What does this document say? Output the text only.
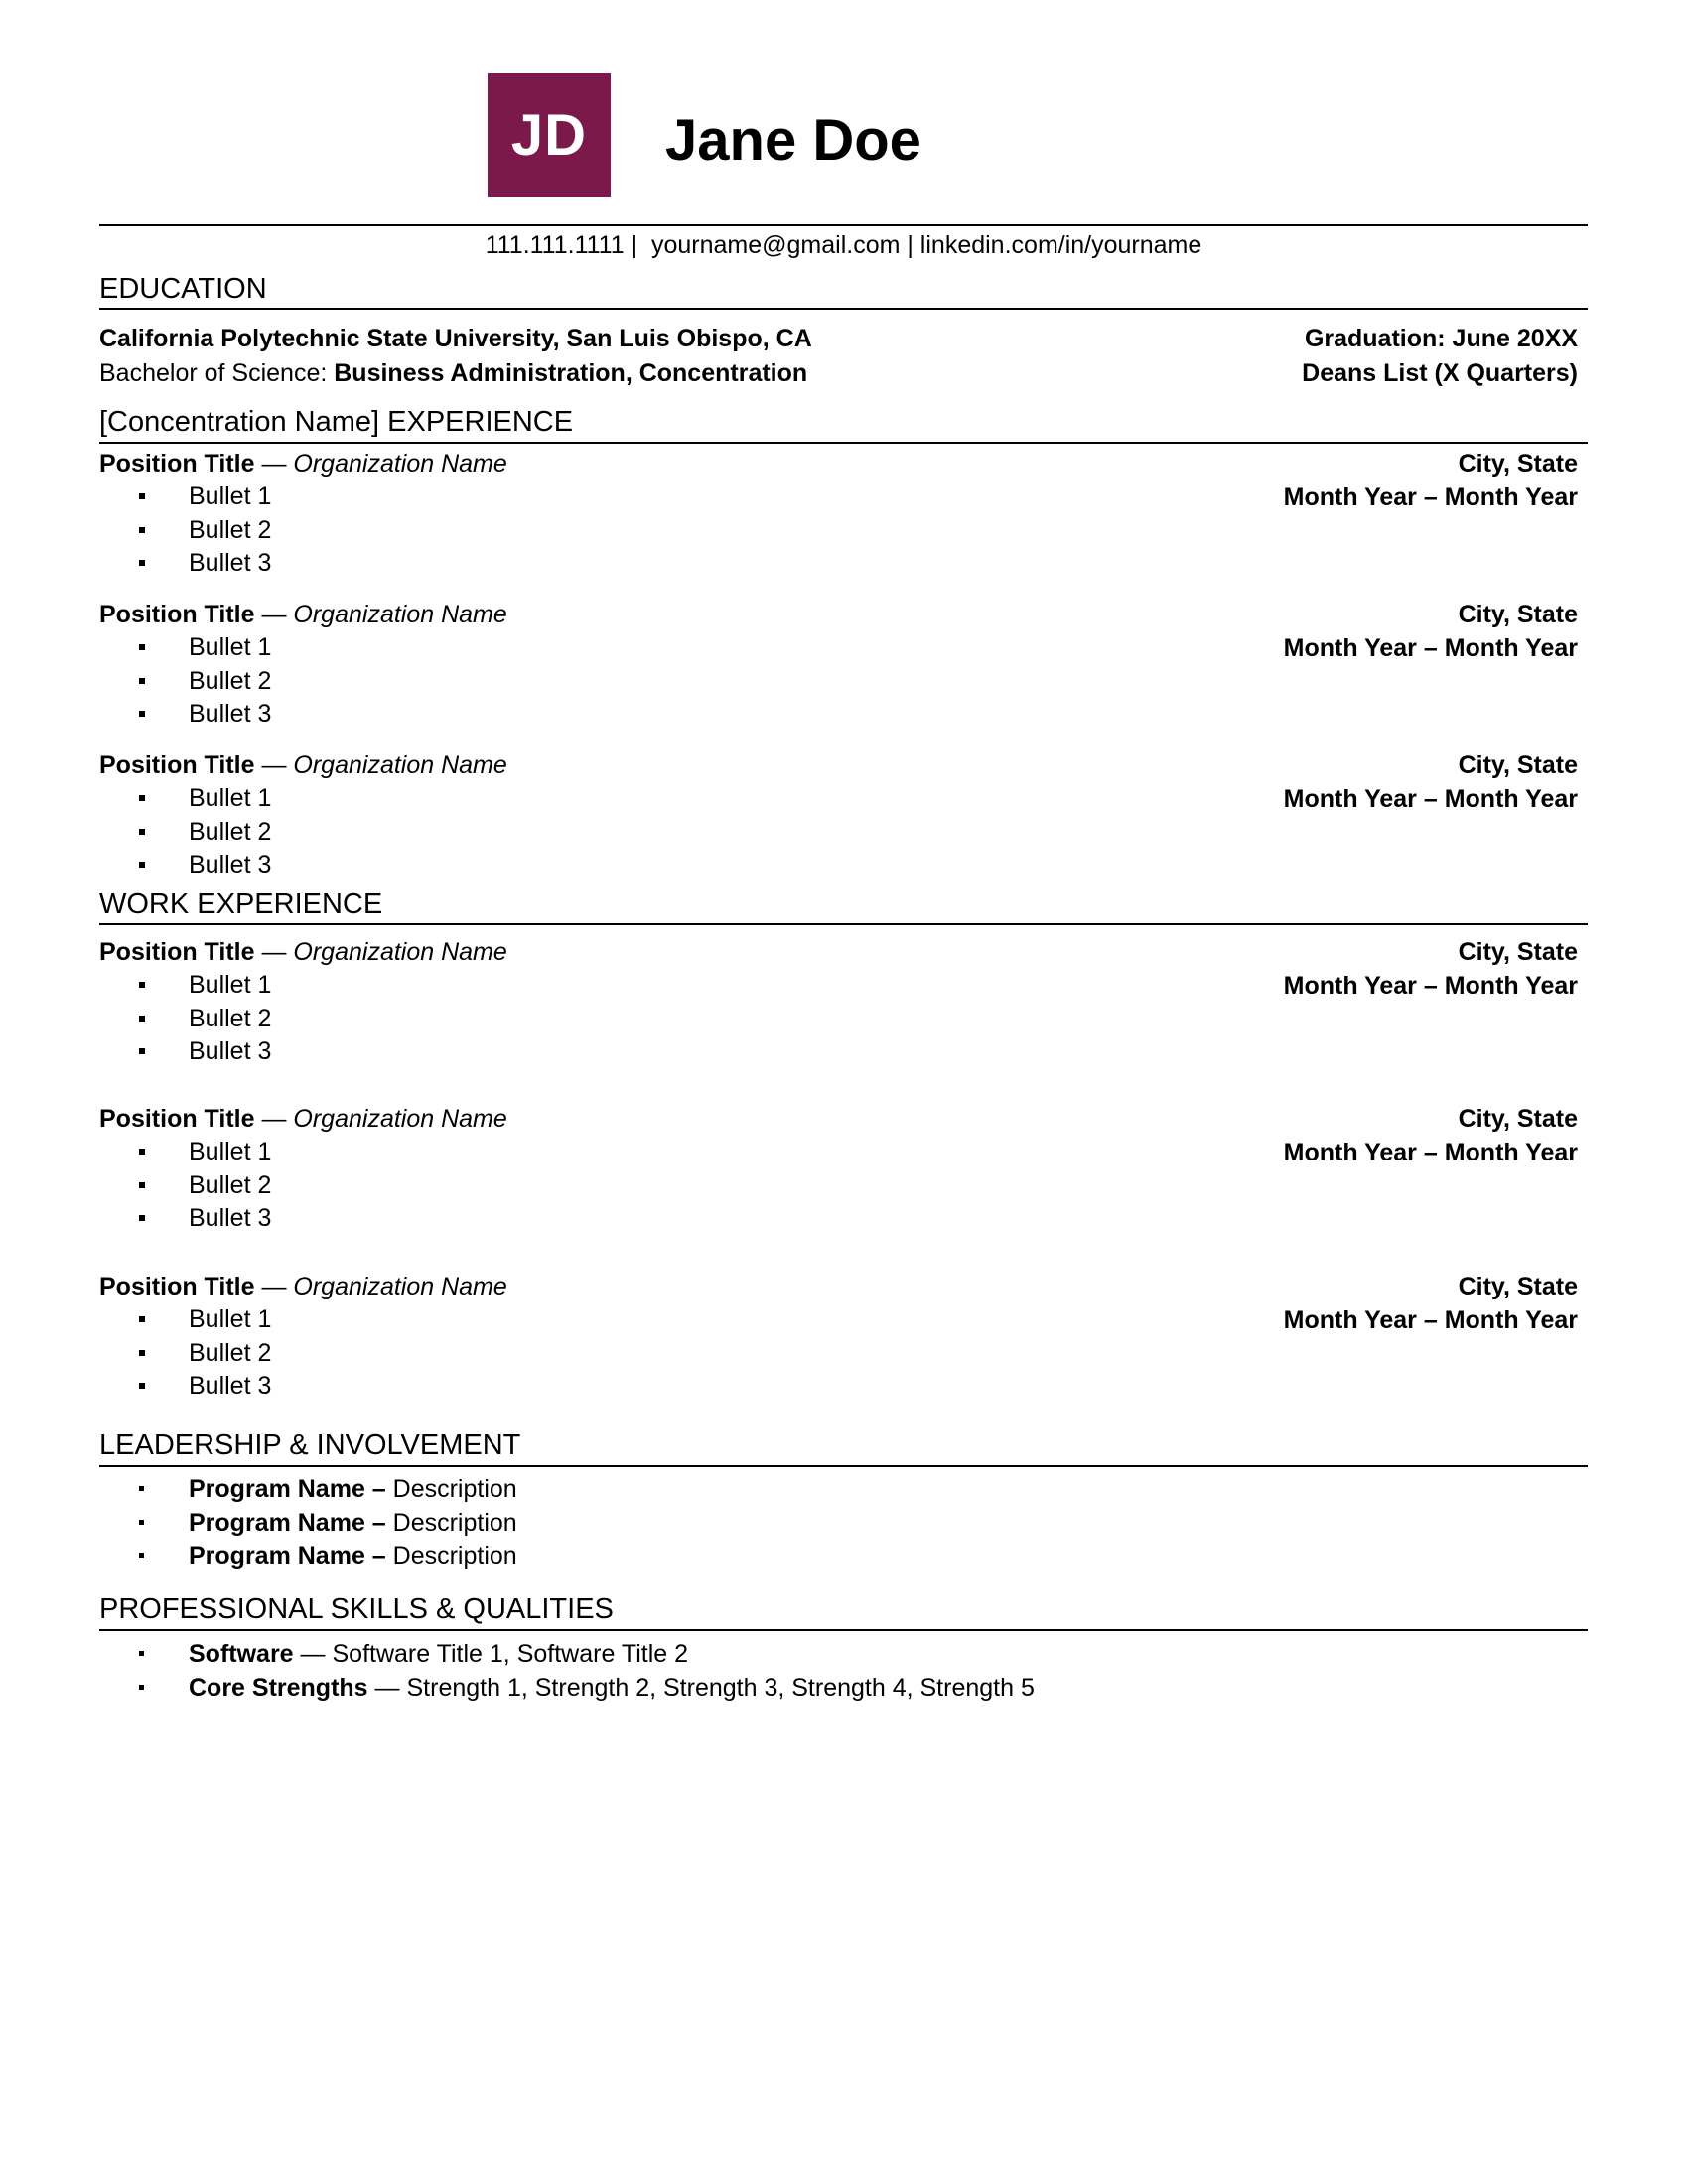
JD	Jane Doe
111.111.1111 |  yourname@gmail.com | linkedin.com/in/yourname
EDUCATION
California Polytechnic State University, San Luis Obispo, CA	Graduation: June 20XX
Bachelor of Science: Business Administration, Concentration	Deans List (X Quarters)
[Concentration Name] EXPERIENCE
Position Title — Organization Name	City, State
Month Year – Month Year
Bullet 1
Bullet 2
Bullet 3
Position Title — Organization Name	City, State
Month Year – Month Year
Bullet 1
Bullet 2
Bullet 3
Position Title — Organization Name	City, State
Month Year – Month Year
Bullet 1
Bullet 2
Bullet 3
WORK EXPERIENCE
Position Title — Organization Name	City, State
Month Year – Month Year
Bullet 1
Bullet 2
Bullet 3
Position Title — Organization Name	City, State
Month Year – Month Year
Bullet 1
Bullet 2
Bullet 3
Position Title — Organization Name	City, State
Month Year – Month Year
Bullet 1
Bullet 2
Bullet 3
LEADERSHIP & INVOLVEMENT
Program Name – Description
Program Name – Description
Program Name – Description
PROFESSIONAL SKILLS & QUALITIES
Software — Software Title 1, Software Title 2
Core Strengths — Strength 1, Strength 2, Strength 3, Strength 4, Strength 5
